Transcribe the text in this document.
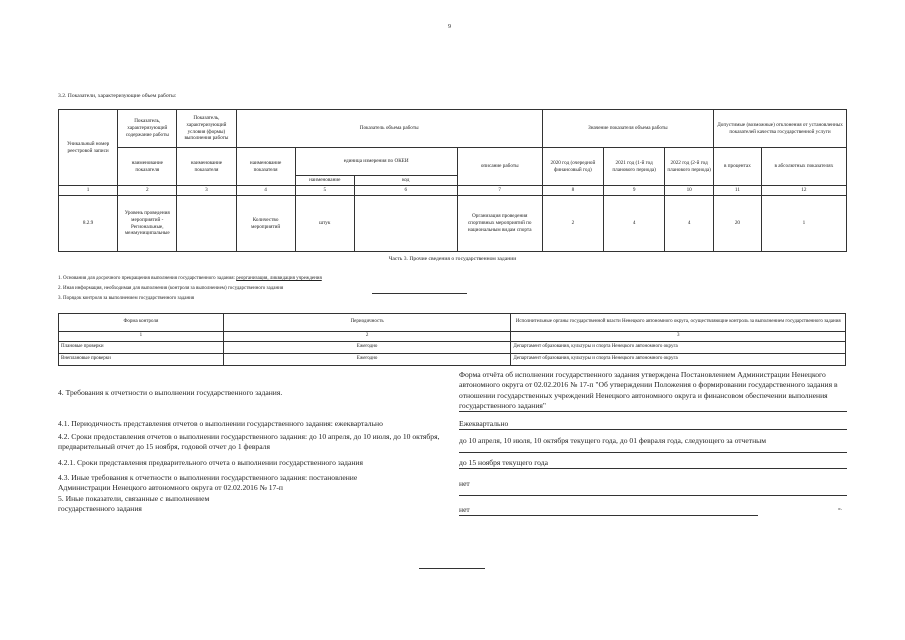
9
3.2. Показатели, характеризующие объем работы:
Уникальный номер реестровой записи	Показатель, характеризующий содержание работы	Показатель, характеризующий условия (формы) выполнения работы	Показатель объема работы				Значение показателя объема работы			Допустимые (возможные) отклонения от установленных показателей качества государственной услуги	
	наименование показателя	наименование показателя	наименование показателя	единица измерения по ОКЕИ		описание работы	2020 год (очередной финансовый год)	2021 год (1-й год планового периода)	2022 год (2-й год планового периода)	в процентах	в абсолютных показателях
				наименование	код						
1	2	3	4	5	6	7	8	9	10	11	12
8.2.9	Уровень проведения мероприятий - Региональные, межмуниципальные		Количество мероприятий	штук		Организация проведения спортивных мероприятий по национальным видам спорта	2	4	4	20	1
Часть 3. Прочие сведения о государственном задании
1. Основания для досрочного прекращения выполнения государственного задания: реорганизация, ликвидация учреждения
2. Иная информация, необходимая для выполнения (контроля за выполнением) государственного задания
3. Порядок контроля за выполнением государственного задания
Форма контроля	Периодичность	Исполнительные органы государственной власти Ненецкого автономного округа, осуществляющие контроль за выполнением государственного задания
1	2	3
Плановые проверки	Ежегодно	Департамент образования, культуры и спорта Ненецкого автономного округа
Внеплановые проверки	Ежегодно	Департамент образования, культуры и спорта Ненецкого автономного округа
4. Требования к отчетности о выполнении государственного задания.
Форма отчёта об исполнении государственного задания утверждена Постановлением Администрации Ненецкого автономного округа от 02.02.2016 № 17-п "Об утверждении Положения о формировании государственного задания в отношении государственных учреждений Ненецкого автономного округа и финансовом обеспечении выполнения государственного задания"
4.1. Периодичность представления отчетов о выполнении государственного задания: ежеквартально	Ежеквартально
4.2. Сроки предоставления отчетов о выполнении государственного задания: до 10 апреля, до 10 июля, до 10 октября, предварительный отчет до 15 ноября, годовой отчет до 1 февраля
до 10 апреля, 10 июля, 10 октября текущего года, до 01 февраля года, следующего за отчетным
4.2.1. Сроки представления предварительного отчета о выполнении государственного задания	до 15 ноября текущего года
4.3. Иные требования к отчетности о выполнении государственного задания: постановление Администрации Ненецкого автономного округа от 02.02.2016 № 17-п	нет
5. Иные показатели, связанные с выполнением государственного задания	нет	».
